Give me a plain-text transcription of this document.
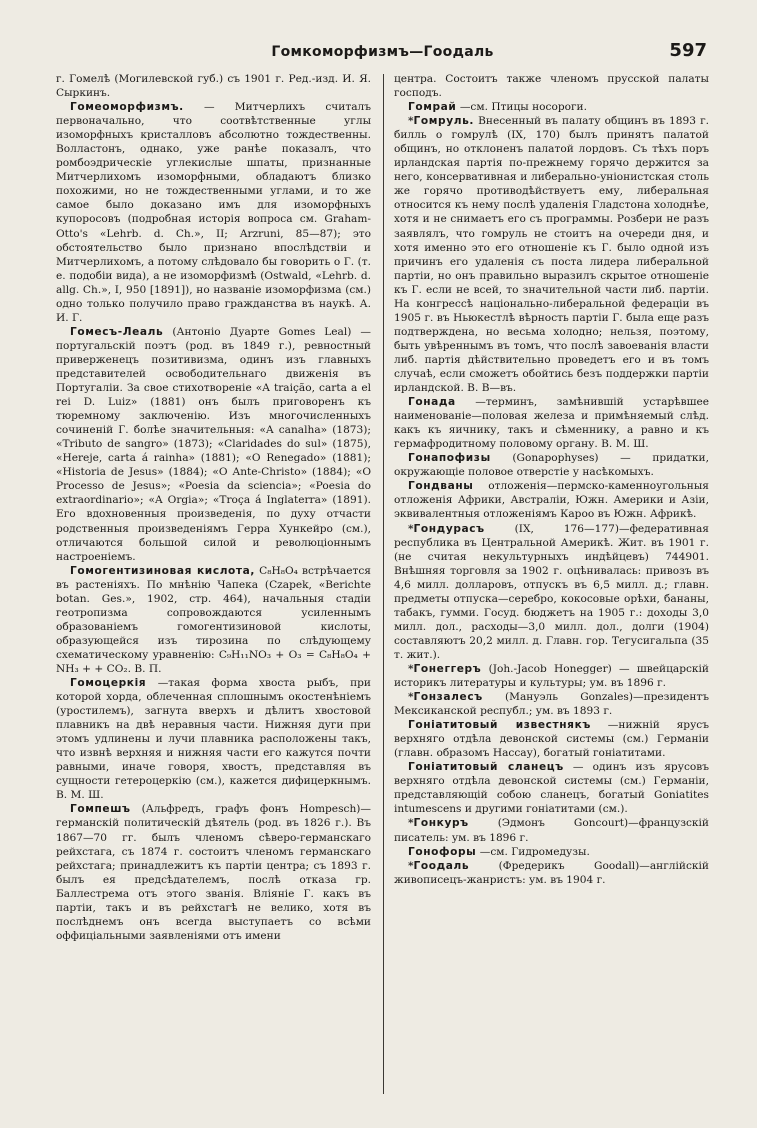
Гомкоморфизмъ—Гоодаль	597

г. Гомелѣ (Могилевской губ.) съ 1901 г. Ред.-изд. И. Я. Сыркинъ.

Гомеоморфизмъ. — Митчерлихъ считалъ первоначально, что соотвѣтственные углы изоморфныхъ кристалловъ абсолютно тождественны. Волластонъ, однако, уже ранѣе показалъ, что ромбоэдрическіе углекислые шпаты, признанные Митчерлихомъ изоморфными, обладаютъ близко похожими, но не тождественными углами, и то же самое было доказано имъ для изоморфныхъ купоросовъ (подробная исторія вопроса см. Graham-Otto's «Lehrb. d. Ch.», II; Arzruni, 85—87); это обстоятельство было признано впослѣдствіи и Митчерлихомъ, а потому слѣдовало бы говорить о Г. (т. е. подобіи вида), а не изоморфизмѣ (Ostwald, «Lehrb. d. allg. Ch.», I, 950 [1891]), но названіе изоморфизма (см.) одно только получило право гражданства въ наукѣ. А. И. Г.

Гомесъ-Леаль (Антоніо Дуарте Gomes Leal) — португальскій поэтъ (род. въ 1849 г.), ревностный приверженецъ позитивизма, одинъ изъ главныхъ представителей освободительнаго движенія въ Португаліи. За свое стихотвореніе «A traição, carta a el rei D. Luiz» (1881) онъ былъ приговоренъ къ тюремному заключенію. Изъ многочисленныхъ сочиненій Г. болѣе значительныя: «A canalha» (1873); «Tributo de sangro» (1873); «Claridades do sul» (1875), «Hereje, carta á rainha» (1881); «O Renegado» (1881); «Historia de Jesus» (1884); «O Ante-Christo» (1884); «O Processo de Jesus»; «Poesia da sciencia»; «Poesia do extraordinario»; «A Orgia»; «Troça á Inglaterra» (1891). Его вдохновенныя произведенія, по духу отчасти родственныя произведеніямъ Герра Хункейро (см.), отличаются большой силой и революціоннымъ настроеніемъ.

Гомогентизиновая кислота, C₈H₈O₄ встрѣчается въ растеніяхъ. По мнѣнію Чапека (Czapek, «Berichte botan. Ges.», 1902, стр. 464), начальныя стадіи геотропизма сопровождаются усиленнымъ образованіемъ гомогентизиновой кислоты, образующейся изъ тирозина по слѣдующему схематическому уравненію: C₉H₁₁NO₃ + O₃ = C₈H₈O₄ + NH₃ + + CO₂. В. П.

Гомоцеркія —такая форма хвоста рыбъ, при которой хорда, облеченная сплошнымъ окостенѣніемъ (уростилемъ), загнута вверхъ и дѣлитъ хвостовой плавникъ на двѣ неравныя части. Нижняя дуги при этомъ удлинены и лучи плавника расположены такъ, что извнѣ верхняя и нижняя части его кажутся почти равными, иначе говоря, хвостъ, представляя въ сущности гетероцеркію (см.), кажется дифицеркнымъ. В. М. Ш.

Гомпешъ (Альфредъ, графъ фонъ Hompesch)—германскій политическій дѣятель (род. въ 1826 г.). Въ 1867—70 гг. былъ членомъ сѣверо-германскаго рейхстага, съ 1874 г. состоитъ членомъ германскаго рейхстага; принадлежитъ къ партіи центра; съ 1893 г. былъ ея предсѣдателемъ, послѣ отказа гр. Баллестрема отъ этого званія. Вліяніе Г. какъ въ партіи, такъ и въ рейхстагѣ не велико, хотя въ послѣднемъ онъ всегда выступаетъ со всѣми оффиціальными заявленіями отъ имени

центра. Состоитъ также членомъ прусской палаты господъ.

Гомрай —см. Птицы носороги.

*Гомруль. Внесенный въ палату общинъ въ 1893 г. билль о гомрулѣ (IX, 170) былъ принятъ палатой общинъ, но отклоненъ палатой лордовъ. Съ тѣхъ поръ ирландская партія по-прежнему горячо держится за него, консервативная и либерально-уніонистская столь же горячо противодѣйствуетъ ему, либеральная относится къ нему послѣ удаленія Гладстона холоднѣе, хотя и не снимаетъ его съ программы. Розбери не разъ заявлялъ, что гомруль не стоитъ на очереди дня, и хотя именно это его отношеніе къ Г. было одной изъ причинъ его удаленія съ поста лидера либеральной партіи, но онъ правильно выразилъ скрытое отношеніе къ Г. если не всей, то значительной части либ. партіи. На конгрессѣ національно-либеральной федераціи въ 1905 г. въ Ньюкестлѣ вѣрность партіи Г. была еще разъ подтверждена, но весьма холодно; нельзя, поэтому, быть увѣреннымъ въ томъ, что послѣ завоеванія власти либ. партія дѣйствительно проведетъ его и въ томъ случаѣ, если сможетъ обойтись безъ поддержки партіи ирландской. В. В—въ.

Гонада —терминъ, замѣнившій устарѣвшее наименованіе—половая железа и примѣняемый слѣд. какъ къ яичнику, такъ и сѣменнику, а равно и къ гермафродитному половому органу. В. М. Ш.

Гонапофизы (Gonapophyses) — придатки, окружающіе половое отверстіе у насѣкомыхъ.

Гондваны отложенія—пермско-каменноугольныя отложенія Африки, Австраліи, Южн. Америки и Азіи, эквивалентныя отложеніямъ Кароо въ Южн. Африкѣ.

*Гондурасъ	(IX, 176—177)—федеративная республика въ Центральной Америкѣ. Жит. въ 1901 г. (не считая некультурныхъ индѣйцевъ) 744901. Внѣшняя торговля за 1902 г. оцѣнивалась: привозъ въ 4,6 милл. долларовъ, отпускъ въ 6,5 милл. д.; главн. предметы отпуска—серебро, кокосовые орѣхи, бананы, табакъ, гумми. Госуд. бюджетъ на 1905 г.: доходы 3,0 милл. дол., расходы—3,0 милл. дол., долги (1904) составляютъ 20,2 милл. д. Главн. гор. Тегусигальпа (35 т. жит.).

*Гонеггеръ (Joh.-Jacob Honegger) — швейцарскій историкъ литературы и культуры; ум. въ 1896 г.

*Гонзалесъ (Мануэль Gonzales)—президентъ Мексиканской республ.; ум. въ 1893 г.

Гоніатитовый известнякъ —нижній ярусъ верхняго отдѣла девонской системы (см.) Германіи (главн. образомъ Нассау), богатый гоніатитами.

Гоніатитовый сланецъ — одинъ изъ ярусовъ верхняго отдѣла девонской системы (см.) Германіи, представляющій собою сланецъ, богатый Goniatites intumescens и другими гоніатитами (см.).

*Гонкуръ	(Эдмонъ Goncourt)—французскій писатель: ум. въ 1896 г.

Гонофоры —см. Гидромедузы.

*Гоодаль	(Фредерикъ Goodall)—англійскій живописецъ-жанристъ: ум. въ 1904 г.
